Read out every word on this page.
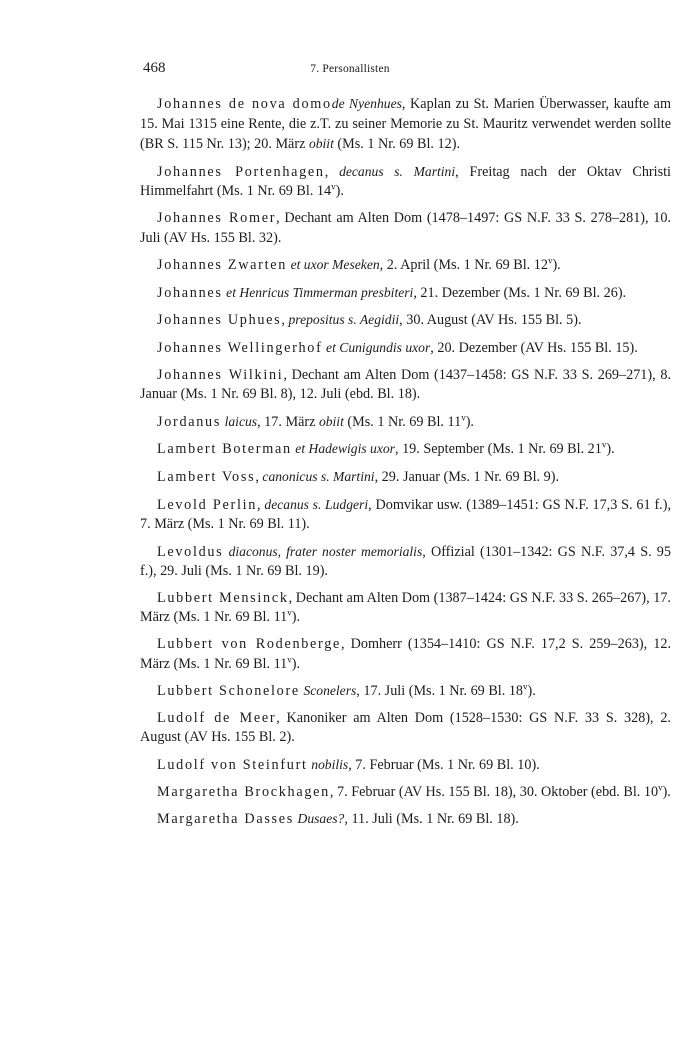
468	7. Personallisten

Johannes de nova domode Nyenhues, Kaplan zu St. Marien Überwasser, kaufte am 15. Mai 1315 eine Rente, die z.T. zu seiner Memorie zu St. Mauritz verwendet werden sollte (BR S. 115 Nr. 13); 20. März obiit (Ms. 1 Nr. 69 Bl. 12).

Johannes Portenhagen, decanus s. Martini, Freitag nach der Oktav Christi Himmelfahrt (Ms. 1 Nr. 69 Bl. 14$^v$).

Johannes Romer, Dechant am Alten Dom (1478–1497: GS N.F. 33 S. 278–281), 10. Juli (AV Hs. 155 Bl. 32).

Johannes Zwarten et uxor Meseken, 2. April (Ms. 1 Nr. 69 Bl. 12$^v$).

Johannes et Henricus Timmerman presbiteri, 21. Dezember (Ms. 1 Nr. 69 Bl. 26).

Johannes Uphues, prepositus s. Aegidii, 30. August (AV Hs. 155 Bl. 5).

Johannes Wellingerhof et Cunigundis uxor, 20. Dezember (AV Hs. 155 Bl. 15).

Johannes Wilkini, Dechant am Alten Dom (1437–1458: GS N.F. 33 S. 269–271), 8. Januar (Ms. 1 Nr. 69 Bl. 8), 12. Juli (ebd. Bl. 18).

Jordanus laicus, 17. März obiit (Ms. 1 Nr. 69 Bl. 11$^v$).

Lambert Boterman et Hadewigis uxor, 19. September (Ms. 1 Nr. 69 Bl. 21$^v$).

Lambert Voss, canonicus s. Martini, 29. Januar (Ms. 1 Nr. 69 Bl. 9).

Levold Perlin, decanus s. Ludgeri, Domvikar usw. (1389–1451: GS N.F. 17,3 S. 61 f.), 7. März (Ms. 1 Nr. 69 Bl. 11).

Levoldus diaconus, frater noster memorialis, Offizial (1301–1342: GS N.F. 37,4 S. 95 f.), 29. Juli (Ms. 1 Nr. 69 Bl. 19).

Lubbert Mensinck, Dechant am Alten Dom (1387–1424: GS N.F. 33 S. 265–267), 17. März (Ms. 1 Nr. 69 Bl. 11$^v$).

Lubbert von Rodenberge, Domherr (1354–1410: GS N.F. 17,2 S. 259–263), 12. März (Ms. 1 Nr. 69 Bl. 11$^v$).

Lubbert Schonelore Sconelers, 17. Juli (Ms. 1 Nr. 69 Bl. 18$^v$).

Ludolf de Meer, Kanoniker am Alten Dom (1528–1530: GS N.F. 33 S. 328), 2. August (AV Hs. 155 Bl. 2).

Ludolf von Steinfurt nobilis, 7. Februar (Ms. 1 Nr. 69 Bl. 10).

Margaretha Brockhagen, 7. Februar (AV Hs. 155 Bl. 18), 30. Oktober (ebd. Bl. 10$^v$).

Margaretha Dasses Dusaes?, 11. Juli (Ms. 1 Nr. 69 Bl. 18).
